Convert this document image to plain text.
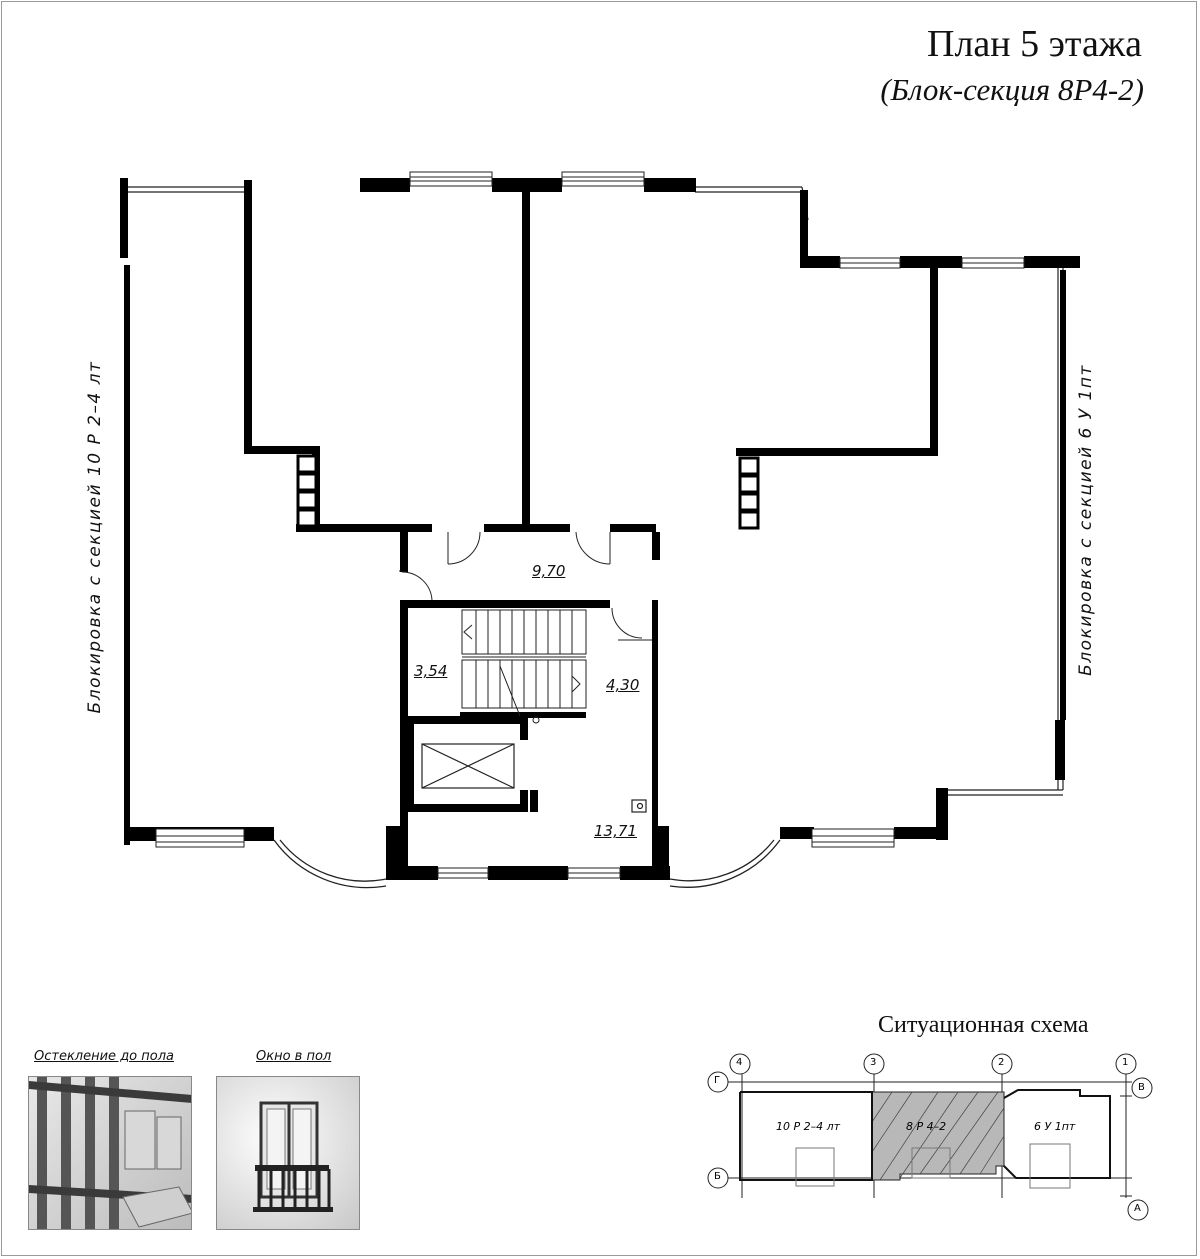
План 5 этажа
(Блок-секция 8Р4-2)
9,70
3,54
4,30
13,71
Блокировка с секцией 10 Р 2–4 лт	Блокировка с секцией 6 У 1пт
Остекление до пола	Окно в пол
Ситуационная схема
4	3	2	1
Г
В
Б
А
10 Р 2–4 лт	8 Р 4–2	6 У 1пт
